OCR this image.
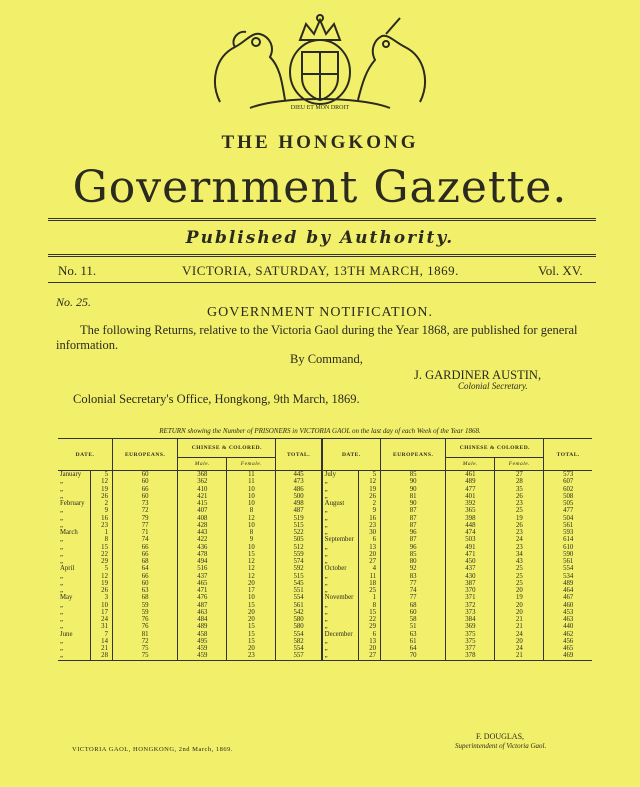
DIEU ET MON DROIT
THE HONGKONG
Government Gazette.
Published by Authority.
No. 11.	VICTORIA, SATURDAY, 13TH MARCH, 1869.	Vol. XV.
No. 25.
GOVERNMENT NOTIFICATION.
The following Returns, relative to the Victoria Gaol during the Year 1868, are published for general information.
By Command,
J. GARDINER AUSTIN,
Colonial Secretary.
Colonial Secretary's Office, Hongkong, 9th March, 1869.
RETURN showing the Number of PRISONERS in VICTORIA GAOL on the last day of each Week of the Year 1868.
DATE.		EUROPEANS.	CHINESE & COLORED.		TOTAL.	DATE.		EUROPEANS.	CHINESE & COLORED.		TOTAL.
			Male.	Female.					Male.	Female.	
January	5	60	368	11	445	July	5	85	461	27	573
„	12	60	362	11	473	„	12	90	489	28	607
„	19	66	410	10	486	„	19	90	477	35	602
„	26	60	421	10	500	„	26	81	401	26	508
February	2	73	415	10	498	August	2	90	392	23	505
„	9	72	407	8	487	„	9	87	365	25	477
„	16	79	408	12	519	„	16	87	398	19	504
„	23	77	428	10	515	„	23	87	448	26	561
March	1	71	443	8	522	„	30	96	474	23	593
„	8	74	422	9	505	September	6	87	503	24	614
„	15	66	436	10	512	„	13	96	491	23	610
„	22	66	478	15	559	„	20	85	471	34	590
„	29	68	494	12	574	„	27	80	450	43	561
April	5	64	516	12	592	October	4	92	437	25	554
„	12	66	437	12	515	„	11	83	430	25	534
„	19	60	465	20	545	„	18	77	387	25	489
„	26	63	471	17	551	„	25	74	370	20	464
May	3	68	476	10	554	November	1	77	371	19	467
„	10	59	487	15	561	„	8	68	372	20	460
„	17	59	463	20	542	„	15	60	373	20	453
„	24	76	484	20	580	„	22	58	384	21	463
„	31	76	489	15	580	„	29	51	369	21	440
June	7	81	458	15	554	December	6	63	375	24	462
„	14	72	495	15	582	„	13	61	375	20	456
„	21	75	459	20	554	„	20	64	377	24	465
„	28	75	459	23	557	„	27	70	378	21	469
F. DOUGLAS,
Superintendent of Victoria Gaol.
VICTORIA GAOL, HONGKONG, 2nd March, 1869.
